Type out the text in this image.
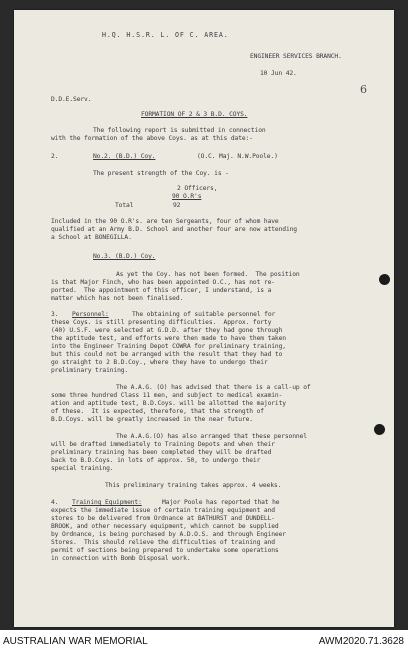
H.Q. H.S.R. L. OF C. AREA.
ENGINEER SERVICES BRANCH.
10 Jun 42.
6
D.D.E.Serv.
FORMATION OF 2 & 3 B.D. COYS.
The following report is submitted in connection
with the formation of the above Coys. as at this date:-
2.	No.2. (B.D.) Coy.	(O.C. Maj. N.W.Poole.)
The present strength of the Coy. is -
2 Officers,
90 O.R's
Total	92
Included in the 90 O.R's. are ten Sergeants, four of whom have
qualified at an Army B.D. School and another four are now attending
a School at BONEGILLA.
No.3. (B.D.) Coy.
As yet the Coy. has not been formed.  The position
is that Major Finch, who has been appointed O.C., has not re-
ported.  The appointment of this officer, I understand, is a
matter which has not been finalised.
3. Personnel:	The obtaining of suitable personnel for
these Coys. is still presenting difficulties.  Approx. forty
(40) U.S.F. were selected at G.D.D. after they had gone through
the aptitude test, and efforts were then made to have them taken
into the Engineer Training Depot COWRA for preliminary training,
but this could not be arranged with the result that they had to
go straight to 2 B.D.Coy., where they have to undergo their
preliminary training.
The A.A.G. (O) has advised that there is a call-up of
some three hundred Class 11 men, and subject to medical examin-
ation and aptitude test, B.D.Coys. will be allotted the majority
of these.  It is expected, therefore, that the strength of
B.D.Coys. will be greatly increased in the near future.
The A.A.G.(O) has also arranged that these personnel
will be drafted immediately to Training Depots and when their
preliminary training has been completed they will be drafted
back to B.D.Coys. in lots of approx. 50, to undergo their
special training.
This preliminary training takes approx. 4 weeks.
4. Training Equipment:	Major Poole has reported that he
expects the immediate issue of certain training equipment and
stores to be delivered from Ordnance at BATHURST and DUNDELL-
BROOK, and other necessary equipment, which cannot be supplied
by Ordnance, is being purchased by A.D.O.S. and through Engineer
Stores.  This should relieve the difficulties of training and
permit of sections being prepared to undertake some operations
in connection with Bomb Disposal work.
AUSTRALIAN WAR MEMORIAL	AWM2020.71.3628
